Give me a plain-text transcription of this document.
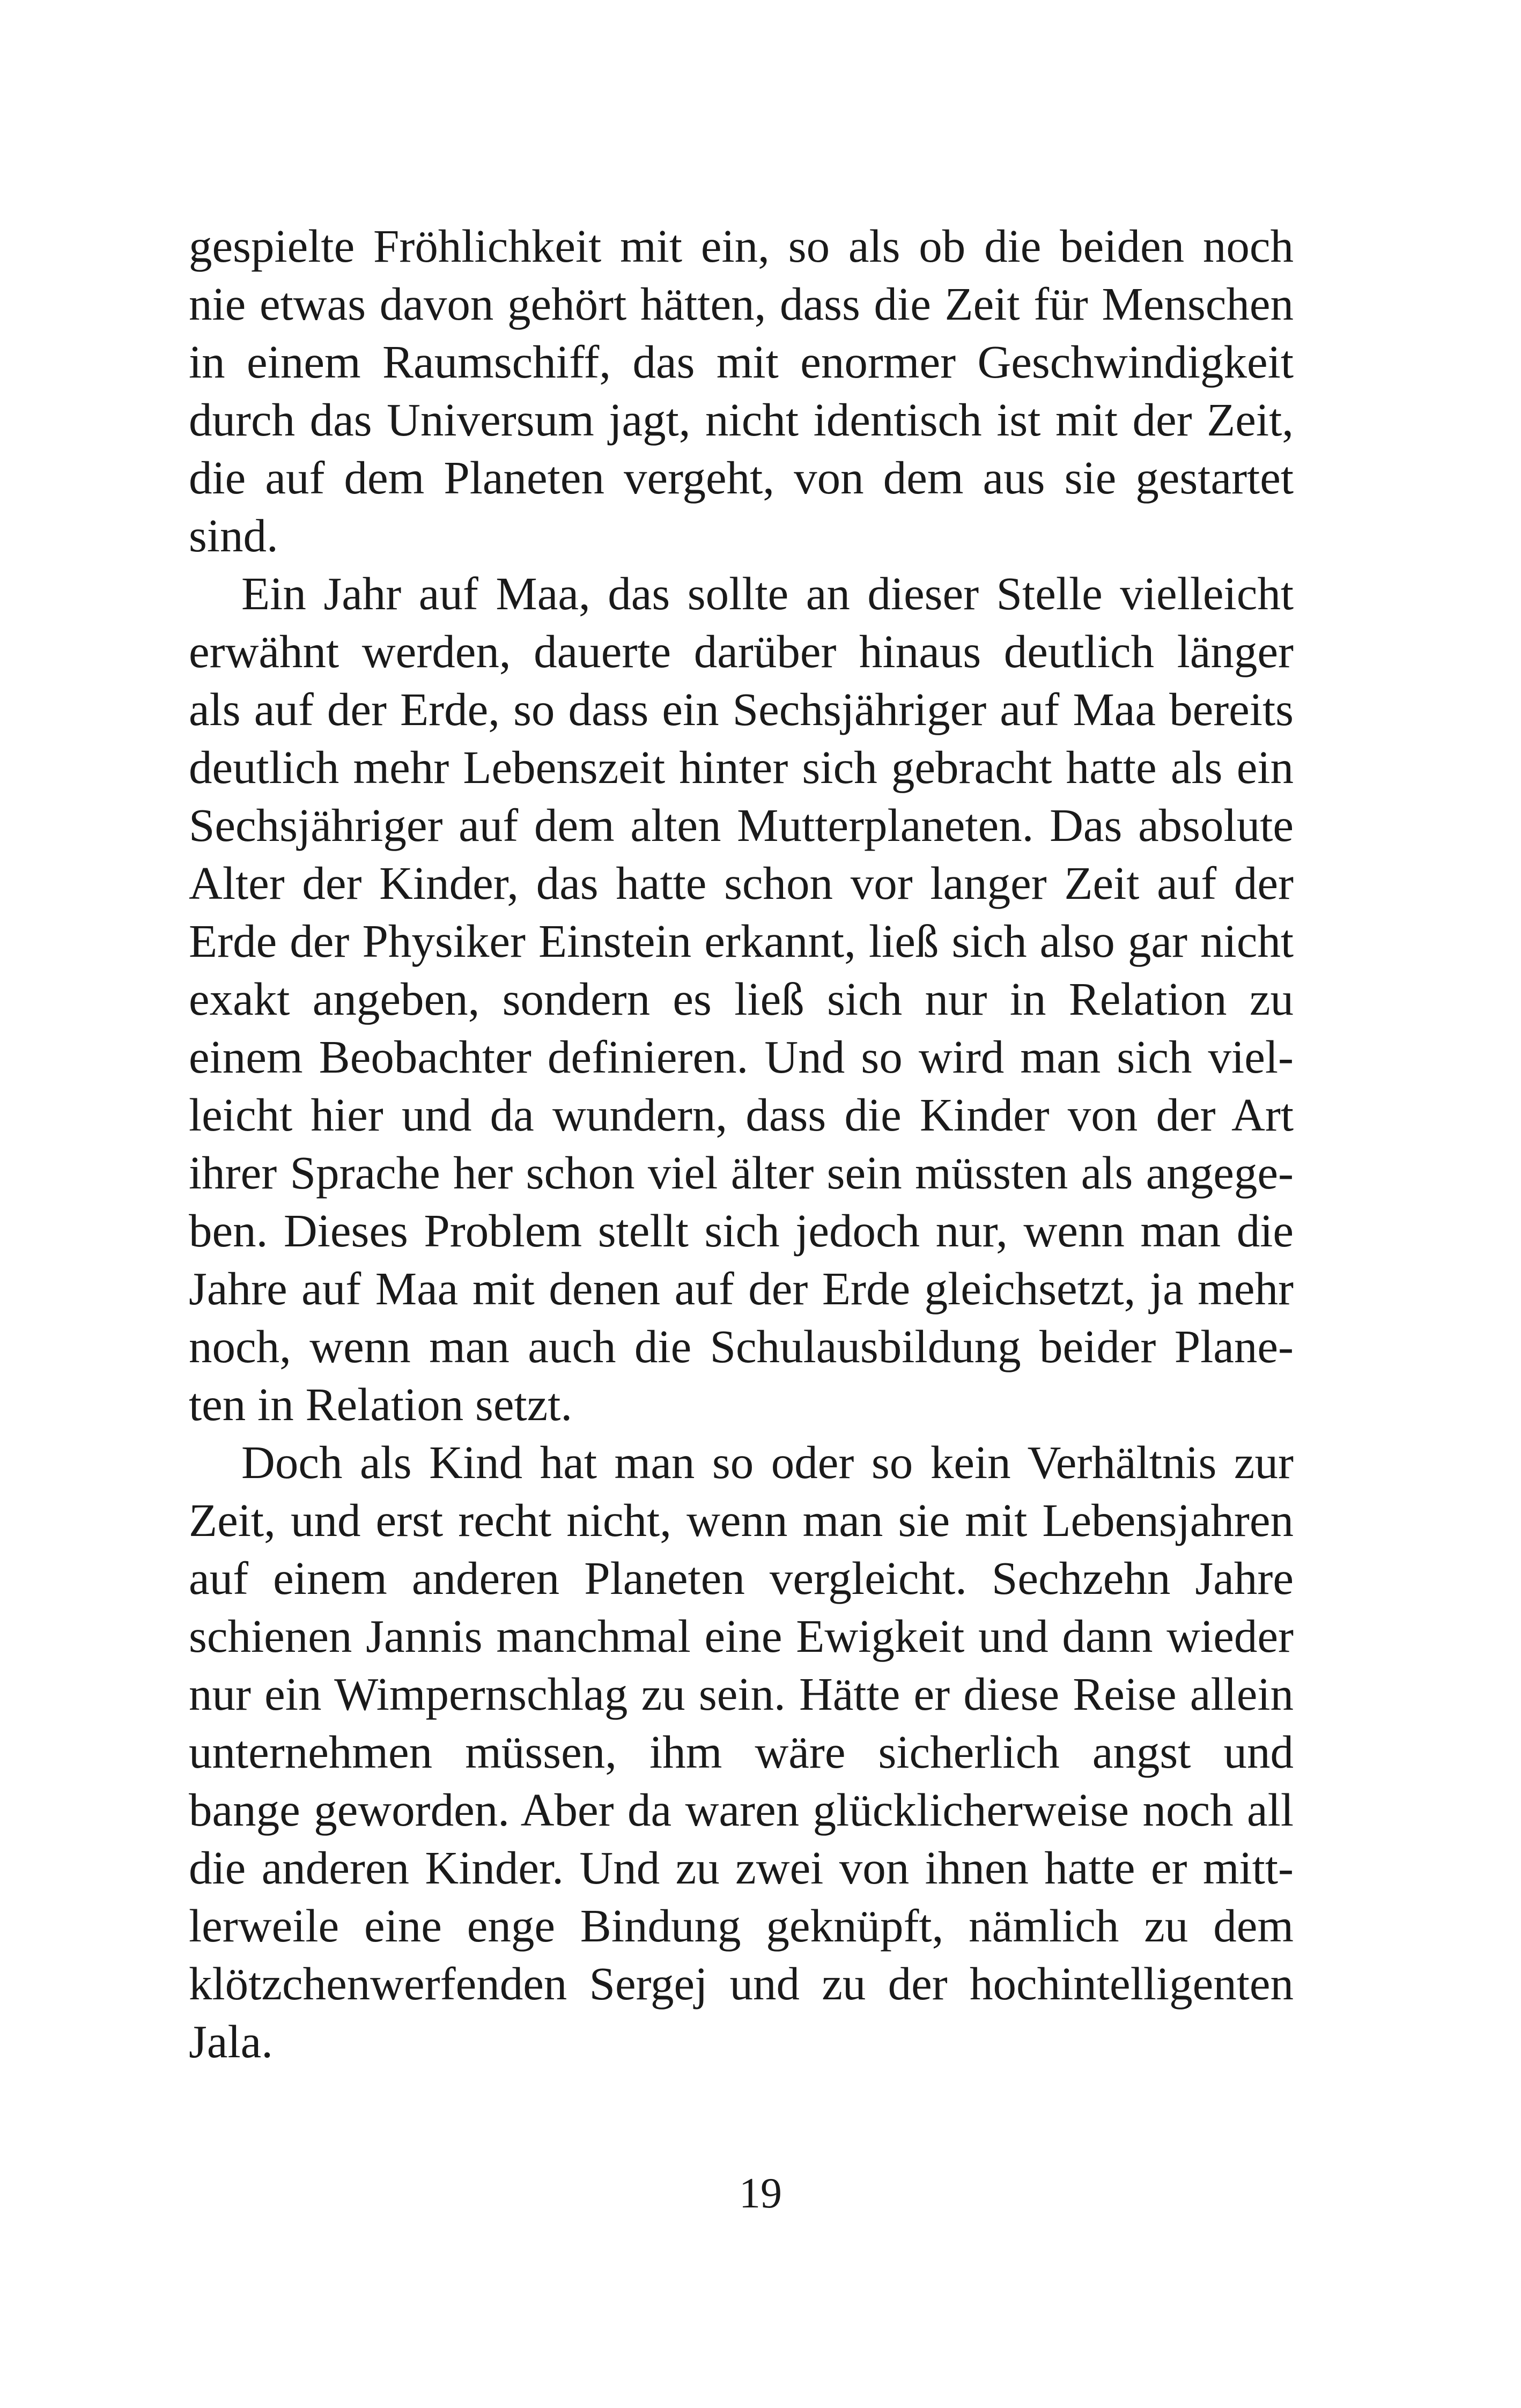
gespielte Fröhlichkeit mit ein, so als ob die beiden noch
nie etwas davon gehört hätten, dass die Zeit für Menschen
in einem Raumschiff, das mit enormer Geschwindigkeit
durch das Universum jagt, nicht identisch ist mit der Zeit,
die auf dem Planeten vergeht, von dem aus sie gestartet
sind.
Ein Jahr auf Maa, das sollte an dieser Stelle vielleicht
erwähnt werden, dauerte darüber hinaus deutlich länger
als auf der Erde, so dass ein Sechsjähriger auf Maa bereits
deutlich mehr Lebenszeit hinter sich gebracht hatte als ein
Sechsjähriger auf dem alten Mutterplaneten. Das absolute
Alter der Kinder, das hatte schon vor langer Zeit auf der
Erde der Physiker Einstein erkannt, ließ sich also gar nicht
exakt angeben, sondern es ließ sich nur in Relation zu
einem Beobachter definieren. Und so wird man sich viel-
leicht hier und da wundern, dass die Kinder von der Art
ihrer Sprache her schon viel älter sein müssten als angege-
ben. Dieses Problem stellt sich jedoch nur, wenn man die
Jahre auf Maa mit denen auf der Erde gleichsetzt, ja mehr
noch, wenn man auch die Schulausbildung beider Plane-
ten in Relation setzt.
Doch als Kind hat man so oder so kein Verhältnis zur
Zeit, und erst recht nicht, wenn man sie mit Lebensjahren
auf einem anderen Planeten vergleicht. Sechzehn Jahre
schienen Jannis manchmal eine Ewigkeit und dann wieder
nur ein Wimpernschlag zu sein. Hätte er diese Reise allein
unternehmen müssen, ihm wäre sicherlich angst und
bange geworden. Aber da waren glücklicherweise noch all
die anderen Kinder. Und zu zwei von ihnen hatte er mitt-
lerweile eine enge Bindung geknüpft, nämlich zu dem
klötzchenwerfenden Sergej und zu der hochintelligenten
Jala.
19
